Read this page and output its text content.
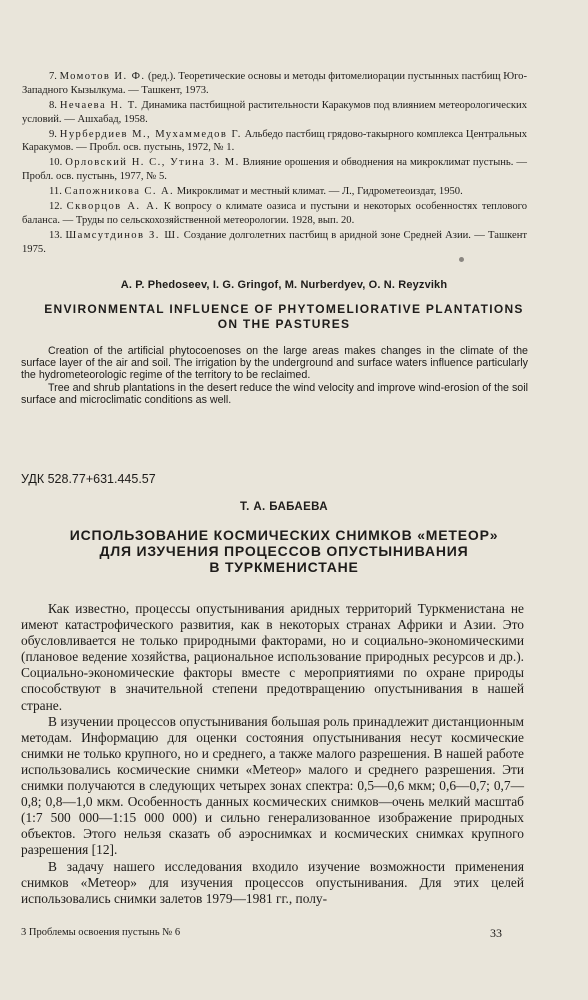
7. Момотов И. Ф. (ред.). Теоретические основы и методы фитомелиорации пустынных пастбищ Юго-Западного Кызылкума. — Ташкент, 1973.

8. Нечаева Н. Т. Динамика пастбищной растительности Каракумов под влиянием метеорологических условий. — Ашхабад, 1958.

9. Нурбердиев М., Мухаммедов Г. Альбедо пастбищ грядово-такырного комплекса Центральных Каракумов. — Пробл. осв. пустынь, 1972, № 1.

10. Орловский Н. С., Утина З. М. Влияние орошения и обводнения на микроклимат пустынь. — Пробл. осв. пустынь, 1977, № 5.

11. Сапожникова С. А. Микроклимат и местный климат. — Л., Гидрометеоиздат, 1950.

12. Скворцов А. А. К вопросу о климате оазиса и пустыни и некоторых особенностях теплового баланса. — Труды по сельскохозяйственной метеорологии. 1928, вып. 20.

13. Шамсутдинов З. Ш. Создание долголетних пастбищ в аридной зоне Средней Азии. — Ташкент 1975.

A. P. Phedoseev, I. G. Gringof, M. Nurberdyev, O. N. Reyzvikh
ENVIRONMENTAL INFLUENCE OF PHYTOMELIORATIVE PLANTATIONS
ON THE PASTURES

Creation of the artificial phytocoenoses on the large areas makes changes in the climate of the surface layer of the air and soil. The irrigation by the underground and surface waters influence particularly the hydrometeorologic regime of the territory to be reclaimed.

Tree and shrub plantations in the desert reduce the wind velocity and improve wind-erosion of the soil surface and microclimatic conditions as well.

УДК 528.77+631.445.57
Т. А. БАБАЕВА
ИСПОЛЬЗОВАНИЕ КОСМИЧЕСКИХ СНИМКОВ «МЕТЕОР»
ДЛЯ ИЗУЧЕНИЯ ПРОЦЕССОВ ОПУСТЫНИВАНИЯ
В ТУРКМЕНИСТАНЕ

Как известно, процессы опустынивания аридных территорий Туркменистана не имеют катастрофического развития, как в некоторых странах Африки и Азии. Это обусловливается не только природными факторами, но и социально-экономическими (плановое ведение хозяйства, рациональное использование природных ресурсов и др.). Социально-экономические факторы вместе с мероприятиями по охране природы способствуют в значительной степени предотвращению опустынивания в нашей стране.

В изучении процессов опустынивания большая роль принадлежит дистанционным методам. Информацию для оценки состояния опустынивания несут космические снимки не только крупного, но и среднего, а также малого разрешения. В нашей работе использовались космические снимки «Метеор» малого и среднего разрешения. Эти снимки получаются в следующих четырех зонах спектра: 0,5—0,6 мкм; 0,6—0,7; 0,7—0,8; 0,8—1,0 мкм. Особенность данных космических снимков—очень мелкий масштаб (1:7 500 000—1:15 000 000) и сильно генерализованное изображение природных объектов. Этого нельзя сказать об аэроснимках и космических снимках крупного разрешения [12].

В задачу нашего исследования входило изучение возможности применения снимков «Метеор» для изучения процессов опустынивания. Для этих целей использовались снимки залетов 1979—1981 гг., полу-

3 Проблемы освоения пустынь № 6	33
